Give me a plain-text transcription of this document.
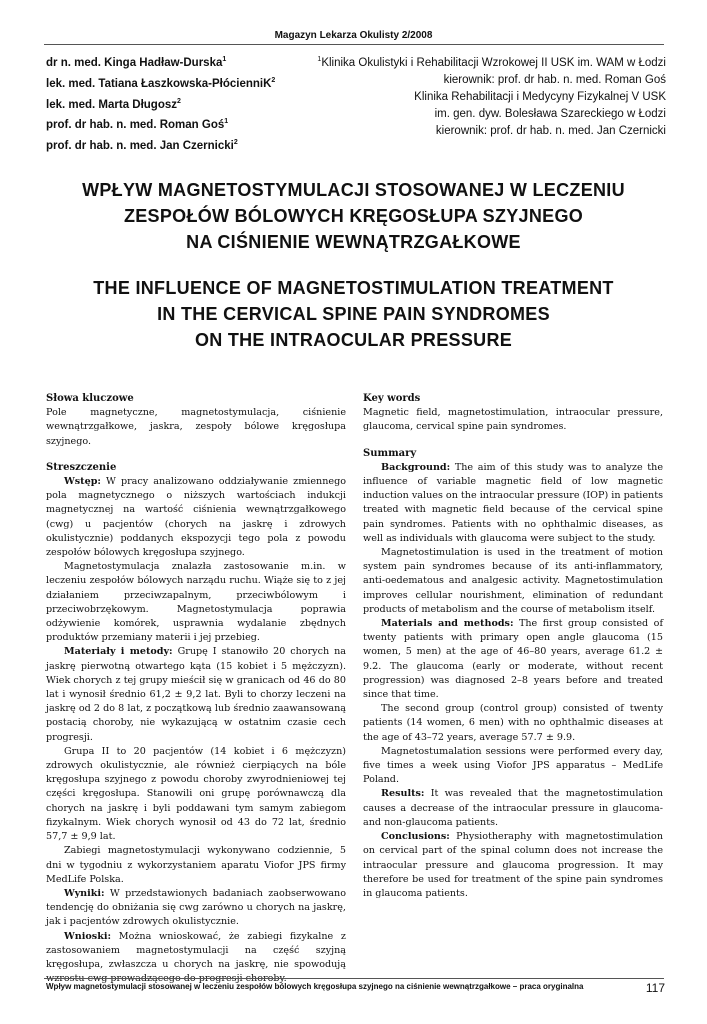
Magazyn Lekarza Okulisty 2/2008
dr n. med. Kinga Hadław-Durska$^1$
lek. med. Tatiana Łaszkowska-PłócienniK$^2$
lek. med. Marta Długosz$^2$
prof. dr hab. n. med. Roman Goś$^1$
prof. dr hab. n. med. Jan Czernicki$^2$
$^1$Klinika Okulistyki i Rehabilitacji Wzrokowej II USK im. WAM w Łodzi
kierownik: prof. dr hab. n. med. Roman Goś
Klinika Rehabilitacji i Medycyny Fizykalnej V USK
im. gen. dyw. Bolesława Szareckiego w Łodzi
kierownik: prof. dr hab. n. med. Jan Czernicki
WPŁYW MAGNETOSTYMULACJI STOSOWANEJ W LECZENIU
ZESPOŁÓW BÓLOWYCH KRĘGOSŁUPA SZYJNEGO
NA CIŚNIENIE WEWNĄTRZGAŁKOWE
THE INFLUENCE OF MAGNETOSTIMULATION TREATMENT
IN THE CERVICAL SPINE PAIN SYNDROMES
ON THE INTRAOCULAR PRESSURE
Słowa kluczowe

Pole magnetyczne, magnetostymulacja, ciśnienie wewnątrzgałkowe, jaskra, zespoły bólowe kręgosłupa szyjnego.

Streszczenie

Wstęp: W pracy analizowano oddziaływanie zmiennego pola magnetycznego o niższych wartościach indukcji magnetycznej na wartość ciśnienia wewnątrzgałkowego (cwg) u pacjentów (chorych na jaskrę i zdrowych okulistycznie) poddanych ekspozycji tego pola z powodu zespołów bólowych kręgosłupa szyjnego.

Magnetostymulacja znalazła zastosowanie m.in. w leczeniu zespołów bólowych narządu ruchu. Wiąże się to z jej działaniem przeciwzapalnym, przeciwbólowym i przeciwobrzękowym. Magnetostymulacja poprawia odżywienie komórek, usprawnia wydalanie zbędnych produktów przemiany materii i jej przebieg.

Materiały i metody: Grupę I stanowiło 20 chorych na jaskrę pierwotną otwartego kąta (15 kobiet i 5 mężczyzn). Wiek chorych z tej grupy mieścił się w granicach od 46 do 80 lat i wynosił średnio 61,2 ± 9,2 lat. Byli to chorzy leczeni na jaskrę od 2 do 8 lat, z początkową lub średnio zaawansowaną postacią choroby, nie wykazującą w ostatnim czasie cech progresji.

Grupa II to 20 pacjentów (14 kobiet i 6 mężczyzn) zdrowych okulistycznie, ale również cierpiących na bóle kręgosłupa szyjnego z powodu choroby zwyrodnieniowej tej części kręgosłupa. Stanowili oni grupę porównawczą dla chorych na jaskrę i byli poddawani tym samym zabiegom fizykalnym. Wiek chorych wynosił od 43 do 72 lat, średnio 57,7 ± 9,9 lat.

Zabiegi magnetostymulacji wykonywano codziennie, 5 dni w tygodniu z wykorzystaniem aparatu Viofor JPS firmy MedLife Polska.

Wyniki: W przedstawionych badaniach zaobserwowano tendencję do obniżania się cwg zarówno u chorych na jaskrę, jak i pacjentów zdrowych okulistycznie.

Wnioski: Można wnioskować, że zabiegi fizykalne z zastosowaniem magnetostymulacji na część szyjną kręgosłupa, zwłaszcza u chorych na jaskrę, nie spowodują wzrostu cwg prowadzącego do progresji choroby.

Key words

Magnetic field, magnetostimulation, intraocular pressure, glaucoma, cervical spine pain syndromes.

Summary

Background: The aim of this study was to analyze the influence of variable magnetic field of low magnetic induction values on the intraocular pressure (IOP) in patients treated with magnetic field because of the cervical spine pain syndromes. Patients with no ophthalmic diseases, as well as individuals with glaucoma were subject to the study.

Magnetostimulation is used in the treatment of motion system pain syndromes because of its anti-inflammatory, anti-oedematous and analgesic activity. Magnetostimulation improves cellular nourishment, elimination of redundant products of metabolism and the course of metabolism itself.

Materials and methods: The first group consisted of twenty patients with primary open angle glaucoma (15 women, 5 men) at the age of 46–80 years, average 61.2 ± 9.2. The glaucoma (early or moderate, without recent progression) was diagnosed 2–8 years before and treated since that time.

The second group (control group) consisted of twenty patients (14 women, 6 men) with no ophthalmic diseases at the age of 43–72 years, average 57.7 ± 9.9.

Magnetostumalation sessions were performed every day, five times a week using Viofor JPS apparatus – MedLife Poland.

Results: It was revealed that the magnetostimulation causes a decrease of the intraocular pressure in glaucoma- and non-glaucoma patients.

Conclusions: Physiotheraphy with magnetostimulation on cervical part of the spinal column does not increase the intraocular pressure and glaucoma progression. It may therefore be used for treatment of the spine pain syndromes in glaucoma patients.

Wpływ magnetostymulacji stosowanej w leczeniu zespołów bólowych kręgosłupa szyjnego na ciśnienie wewnątrzgałkowe – praca oryginalna	117
